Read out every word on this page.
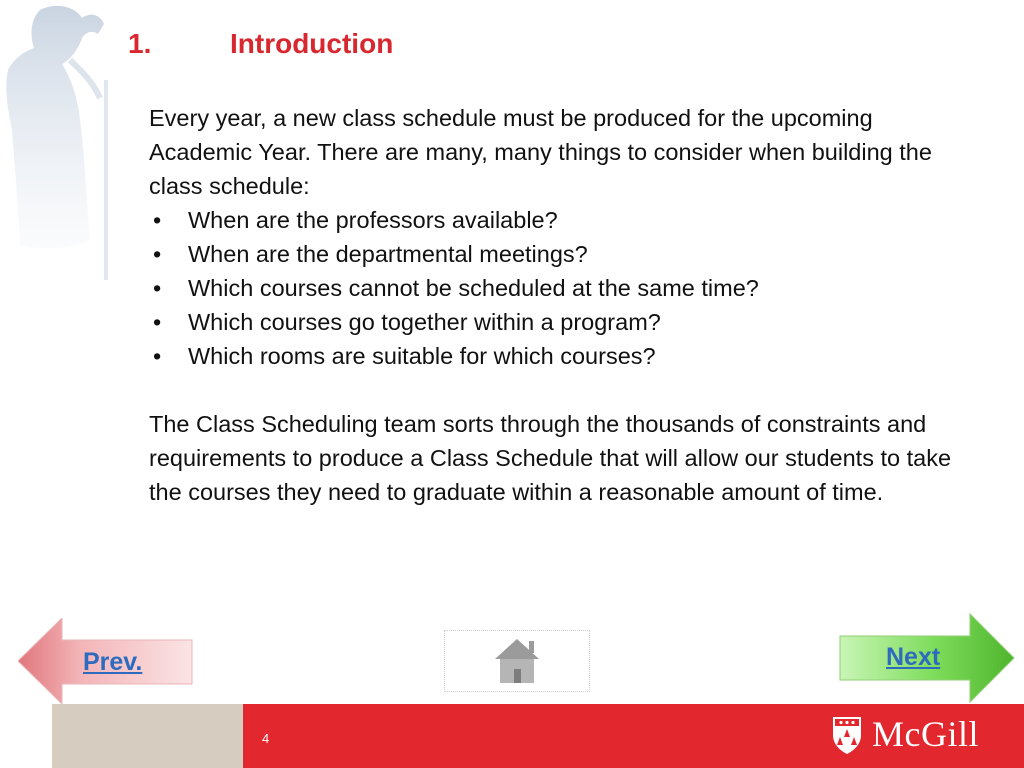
1.	Introduction

Every year, a new class schedule must be produced for the upcoming Academic Year. There are many, many things to consider when building the class schedule:

• When are the professors available?
• When are the departmental meetings?
• Which courses cannot be scheduled at the same time?
• Which courses go together within a program?
• Which rooms are suitable for which courses?

The Class Scheduling team sorts through the thousands of constraints and requirements to produce a Class Schedule that will allow our students to take the courses they need to graduate within a reasonable amount of time.

Prev.	Next
4	McGill
